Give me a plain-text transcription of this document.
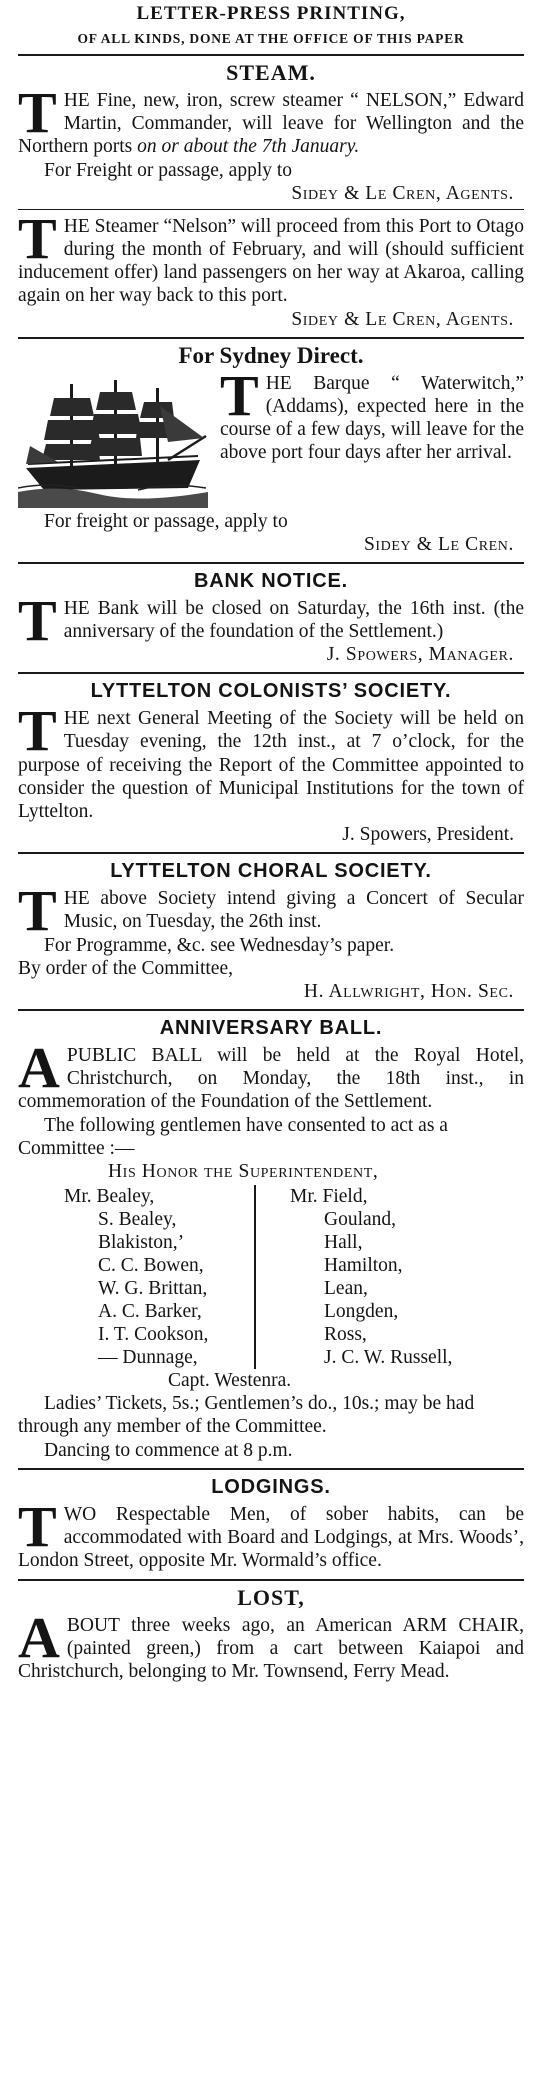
LETTER-PRESS PRINTING,
OF ALL KINDS, DONE AT THE OFFICE OF THIS PAPER
STEAM.
THE Fine, new, iron, screw steamer “ NELSON,” Edward Martin, Commander, will leave for Wellington and the Northern ports on or about the 7th January.
For Freight or passage, apply to
Sidey & Le Cren, Agents.
THE Steamer “Nelson” will proceed from this Port to Otago during the month of February, and will (should sufficient inducement offer) land passengers on her way at Akaroa, calling again on her way back to this port.
Sidey & Le Cren, Agents.
For Sydney Direct.
THE Barque “ Waterwitch,” (Addams), expected here in the course of a few days, will leave for the above port four days after her arrival.
For freight or passage, apply to
Sidey & Le Cren.
BANK NOTICE.
THE Bank will be closed on Saturday, the 16th inst. (the anniversary of the foundation of the Settlement.)
J. Spowers, Manager.
LYTTELTON COLONISTS’ SOCIETY.
THE next General Meeting of the Society will be held on Tuesday evening, the 12th inst., at 7 o’clock, for the purpose of receiving the Report of the Committee appointed to consider the question of Municipal Institutions for the town of Lyttelton.
J. Spowers, President.
LYTTELTON CHORAL SOCIETY.
THE above Society intend giving a Concert of Secular Music, on Tuesday, the 26th inst.
For Programme, &c. see Wednesday’s paper.
By order of the Committee,
H. Allwright, Hon. Sec.
ANNIVERSARY BALL.
APUBLIC BALL will be held at the Royal Hotel, Christchurch, on Monday, the 18th inst., in commemoration of the Foundation of the Settlement.
The following gentlemen have consented to act as a Committee :—
His Honor the Superintendent,
Mr. Bealey,
S. Bealey,
Blakiston,’
C. C. Bowen,
W. G. Brittan,
A. C. Barker,
I. T. Cookson,
— Dunnage,
Mr. Field,
Gouland,
Hall,
Hamilton,
Lean,
Longden,
Ross,
J. C. W. Russell,
Capt. Westenra.
Ladies’ Tickets, 5s.; Gentlemen’s do., 10s.; may be had through any member of the Committee.
Dancing to commence at 8 p.m.
LODGINGS.
TWO Respectable Men, of sober habits, can be accommodated with Board and Lodgings, at Mrs. Woods’, London Street, opposite Mr. Wormald’s office.
LOST,
ABOUT three weeks ago, an American ARM CHAIR, (painted green,) from a cart between Kaiapoi and Christchurch, belonging to Mr. Townsend, Ferry Mead.
